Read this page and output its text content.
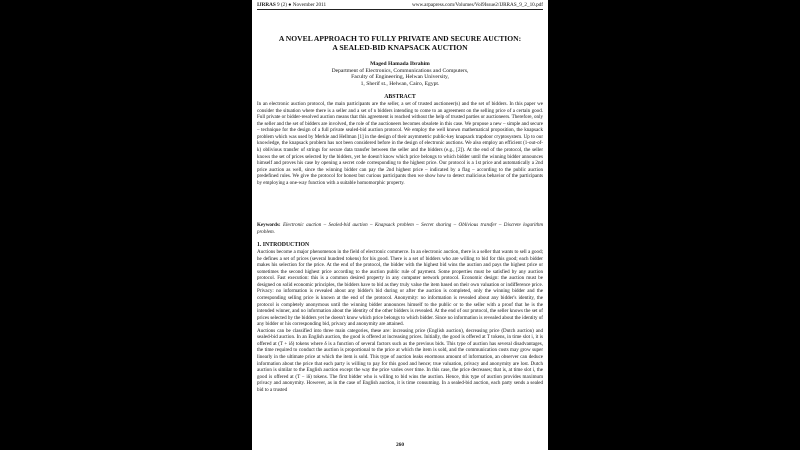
IJRRAS 9 (2) ● November 2011	www.arpapress.com/Volumes/Vol9Issue2/IJRRAS_9_2_10.pdf
A NOVEL APPROACH TO FULLY PRIVATE AND SECURE AUCTION:
A SEALED-BID KNAPSACK AUCTION
Maged Hamada Ibrahim
Department of Electronics, Communications and Computers,
Faculty of Engineering, Helwan University,
1, Sherif st., Helwan, Cairo, Egypt.
ABSTRACT
In an electronic auction protocol, the main participants are the seller, a set of trusted auctioneer(s) and the set of bidders. In this paper we consider the situation where there is a seller and a set of n bidders intending to come to an agreement on the selling price of a certain good. Full private or bidder-resolved auction means that this agreement is reached without the help of trusted parties or auctioneers. Therefore, only the seller and the set of bidders are involved, the role of the auctioneers becomes obsolete in this case. We propose a new – simple and secure – technique for the design of a full private sealed-bid auction protocol. We employ the well known mathematical proposition, the knapsack problem which was used by Merkle and Hellman [1] in the design of their asymmetric public-key knapsack trapdoor cryptosystem. Up to our knowledge, the knapsack problem has not been considered before in the design of electronic auctions. We also employ an efficient (1-out-of-k) oblivious transfer of strings for secure data transfer between the seller and the bidders (e.g., [2]). At the end of the protocol, the seller knows the set of prices selected by the bidders, yet he doesn't know which price belongs to which bidder until the winning bidder announces himself and proves his case by opening a secret code corresponding to the highest price. Our protocol is a 1st price and automatically a 2nd price auction as well, since the winning bidder can pay the 2nd highest price – indicated by a flag – according to the public auction predefined rules. We give the protocol for honest but curious participants then we show how to detect malicious behavior of the participants by employing a one-way function with a suitable homomorphic property.
Keywords: Electronic auction – Sealed-bid auction – Knapsack problem – Secret sharing – Oblivious transfer – Discrete logarithm problem.
1. INTRODUCTION

Auctions become a major phenomenon in the field of electronic commerce. In an electronic auction, there is a seller that wants to sell a good; he defines a set of prices (several hundred tokens) for his good. There is a set of bidders who are willing to bid for this good; each bidder makes his selection for the price. At the end of the protocol, the bidder with the highest bid wins the auction and pays the highest price or sometimes the second highest price according to the auction public rule of payment. Some properties must be satisfied by any auction protocol. Fast execution: this is a common desired property in any computer network protocol. Economic design: the auction must be designed on solid economic principles, the bidders have to bid as they truly value the item based on their own valuation or indifference price. Privacy: no information is revealed about any bidder's bid during or after the auction is completed, only the winning bidder and the corresponding selling price is known at the end of the protocol. Anonymity: no information is revealed about any bidder's identity, the protocol is completely anonymous until the winning bidder announces himself to the public or to the seller with a proof that he is the intended winner, and no information about the identity of the other bidders is revealed. At the end of our protocol, the seller knows the set of prices selected by the bidders yet he doesn't know which price belongs to which bidder. Since no information is revealed about the identity of any bidder or his corresponding bid, privacy and anonymity are attained.

Auctions can be classified into three main categories, these are: increasing price (English auction), decreasing price (Dutch auction) and sealed-bid auction. In an English auction, the good is offered at increasing prices. Initially, the good is offered at T tokens, in time slot i, it is offered at (T + iδ) tokens where δ is a function of several factors such as the previous bids. This type of auction has several disadvantages, the time required to conduct the auction is proportional to the price at which the item is sold, and the communication costs may grow super linearly in the ultimate price at which the item is sold. This type of auction leaks enormous amount of information, an observer can deduce information about the price that each party is willing to pay for this good and hence; true valuation, privacy and anonymity are lost. Dutch auction is similar to the English auction except the way the price varies over time. In this case, the price decreases; that is, at time slot i, the good is offered at (T − iδ) tokens. The first bidder who is willing to bid wins the auction. Hence, this type of auction provides maximum privacy and anonymity. However, as in the case of English auction, it is time consuming. In a sealed-bid auction, each party sends a sealed bid to a trusted

260
